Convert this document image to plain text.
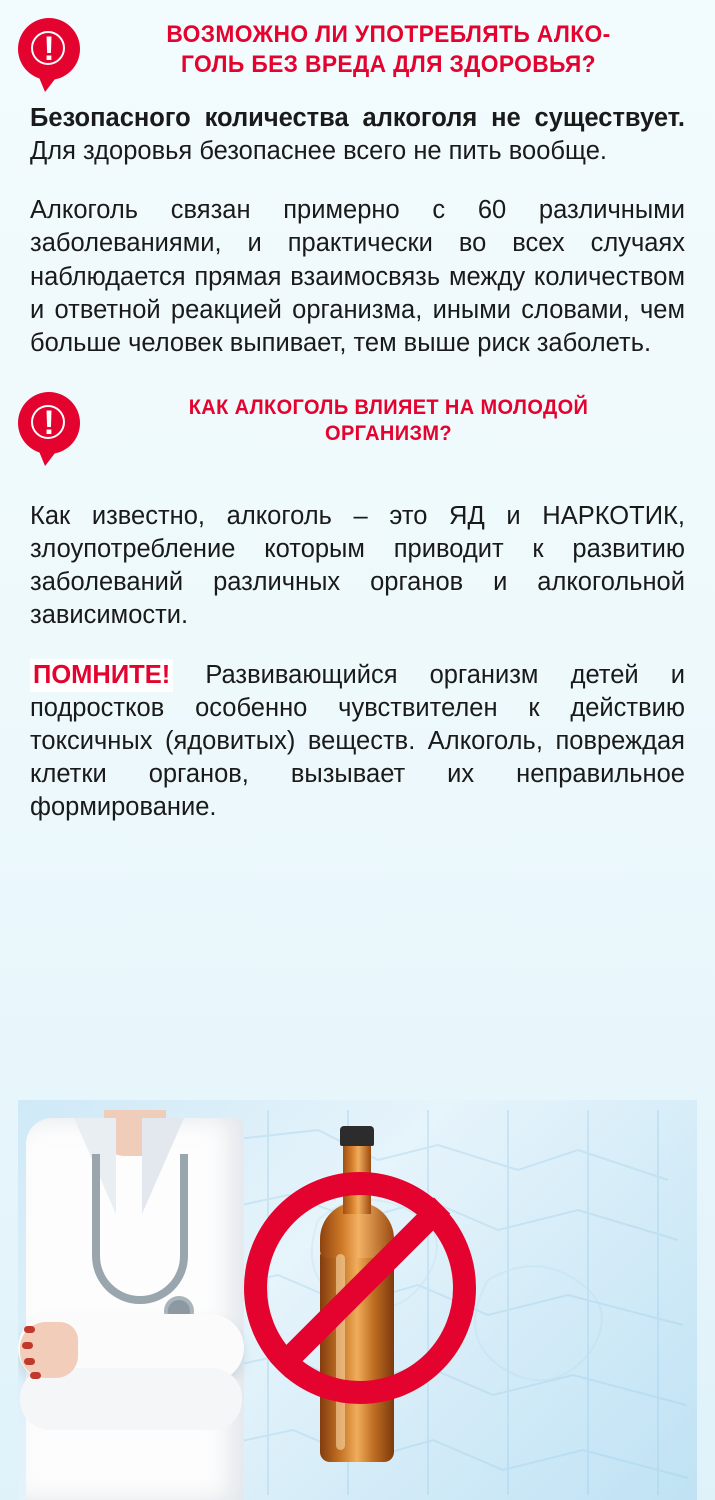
!	ВОЗМОЖНО ЛИ УПОТРЕБЛЯТЬ АЛКО-
ГОЛЬ БЕЗ ВРЕДА ДЛЯ ЗДОРОВЬЯ?

Безопасного количества алкоголя не существует. Для здоровья безопаснее всего не пить вообще.

Алкоголь связан примерно с 60 различными заболеваниями, и практически во всех случаях наблюдается прямая взаимосвязь между количеством и ответной реакцией организма, иными словами, чем больше человек выпивает, тем выше риск заболеть.

!	КАК АЛКОГОЛЬ ВЛИЯЕТ НА МОЛОДОЙ
ОРГАНИЗМ?

Как известно, алкоголь – это ЯД и НАРКОТИК, злоупотребление которым приводит к развитию заболеваний различных органов и алкогольной зависимости.

ПОМНИТЕ! Развивающийся организм детей и подростков особенно чувствителен к действию токсичных (ядовитых) веществ. Алкоголь, повреждая клетки органов, вызывает их неправильное формирование.
